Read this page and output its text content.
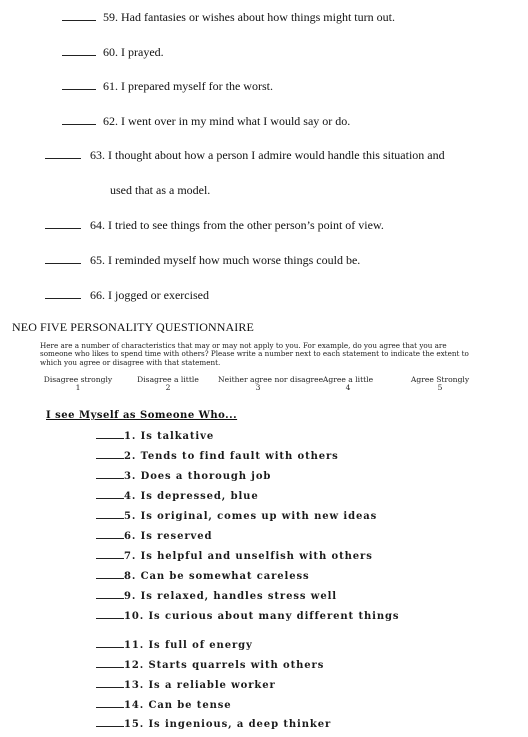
59. Had fantasies or wishes about how things might turn out.
60. I prayed.
61. I prepared myself for the worst.
62. I went over in my mind what I would say or do.
63. I thought about how a person I admire would handle this situation and
used that as a model.
64. I tried to see things from the other person’s point of view.
65. I reminded myself how much worse things could be.
66. I jogged or exercised
NEO FIVE PERSONALITY QUESTIONNAIRE
Here are a number of characteristics that may or may not apply to you. For example, do you agree that you are someone who likes to spend time with others? Please write a number next to each statement to indicate the extent to which you agree or disagree with that statement.
Disagree strongly
1
Disagree a little
2
Neither agree nor disagree
3
Agree a little
4
Agree Strongly
5
I see Myself as Someone Who...
1. Is talkative
2. Tends to find fault with others
3. Does a thorough job
4. Is depressed, blue
5. Is original, comes up with new ideas
6. Is reserved
7. Is helpful and unselfish with others
8. Can be somewhat careless
9. Is relaxed, handles stress well
10. Is curious about many different things
11. Is full of energy
12. Starts quarrels with others
13. Is a reliable worker
14. Can be tense
15. Is ingenious, a deep thinker
